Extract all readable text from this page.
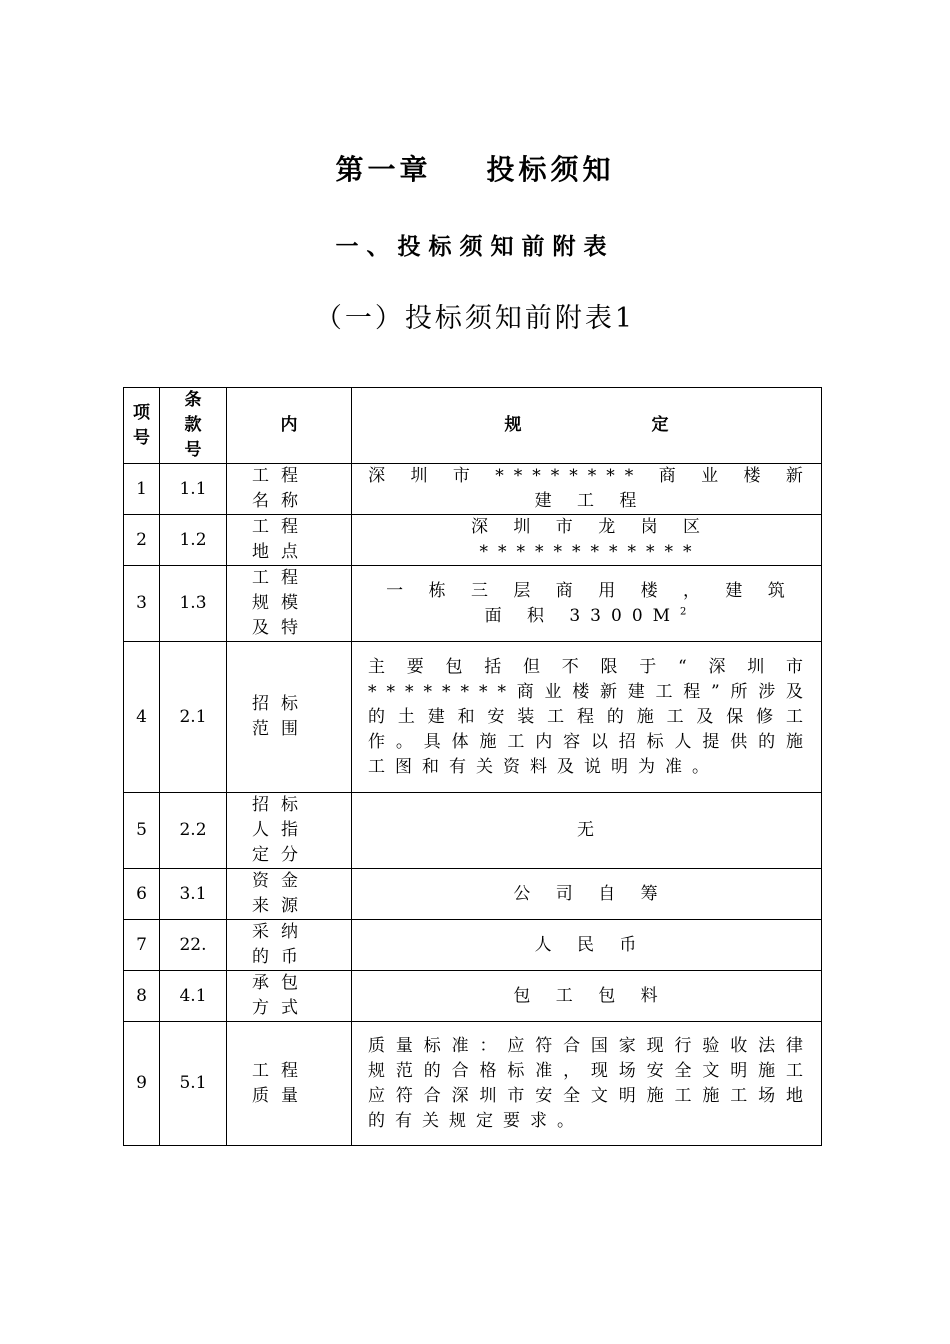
第一章    投标须知
一、投标须知前附表
（一）投标须知前附表1
项号	条款号	内	规 定
1	1.1	工程名称	深 圳 市 ******** 商 业 楼 新 建 工 程
2	1.2	工程地点	深 圳 市 龙 岗 区 ************
3	1.3	工程规模及特	一 栋 三 层 商 用 楼 ， 建 筑 面 积 $3300M^2$
4	2.1	招标范围	主要包括但不限于“深圳市********商业楼新建工程”所涉及的土建和安装工程的施工及保修工作。具体施工内容以招标人提供的施工图和有关资料及说明为准。
5	2.2	招标人指定分	无
6	3.1	资金来源	公 司 自 筹
7	22.	采纳的币	人 民 币
8	4.1	承包方式	包 工 包 料
9	5.1	工程质量	质量标准：应符合国家现行验收法律规范的合格标准，现场安全文明施工应符合深圳市安全文明施工施工场地的有关规定要求。
